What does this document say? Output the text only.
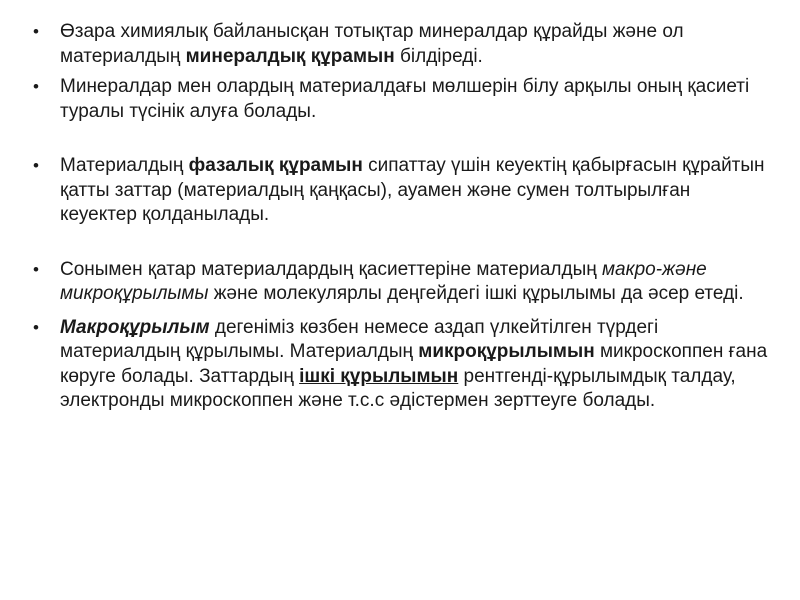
• Өзара химиялық байланысқан тотықтар минералдар құрайды және ол материалдың минералдық құрамын білдіреді.
• Минералдар мен олардың материалдағы мөлшерін білу арқылы оның қасиеті туралы түсінік алуға болады.
• Материалдың фазалық құрамын сипаттау үшін кеуектің қабырғасын құрайтын қатты заттар (материалдың қаңқасы), ауамен және сумен толтырылған кеуектер қолданылады.
• Сонымен қатар материалдардың қасиеттеріне материалдың макро-және микроқұрылымы және молекулярлы деңгейдегі ішкі құрылымы да әсер етеді.
• Макроқұрылым дегеніміз көзбен немесе аздап үлкейтілген түрдегі материалдың құрылымы. Материалдың микроқұрылымын микроскоппен ғана көруге болады. Заттардың ішкі құрылымын рентгенді-құрылымдық талдау, электронды микроскоппен және т.с.с әдістермен зерттеуге болады.
